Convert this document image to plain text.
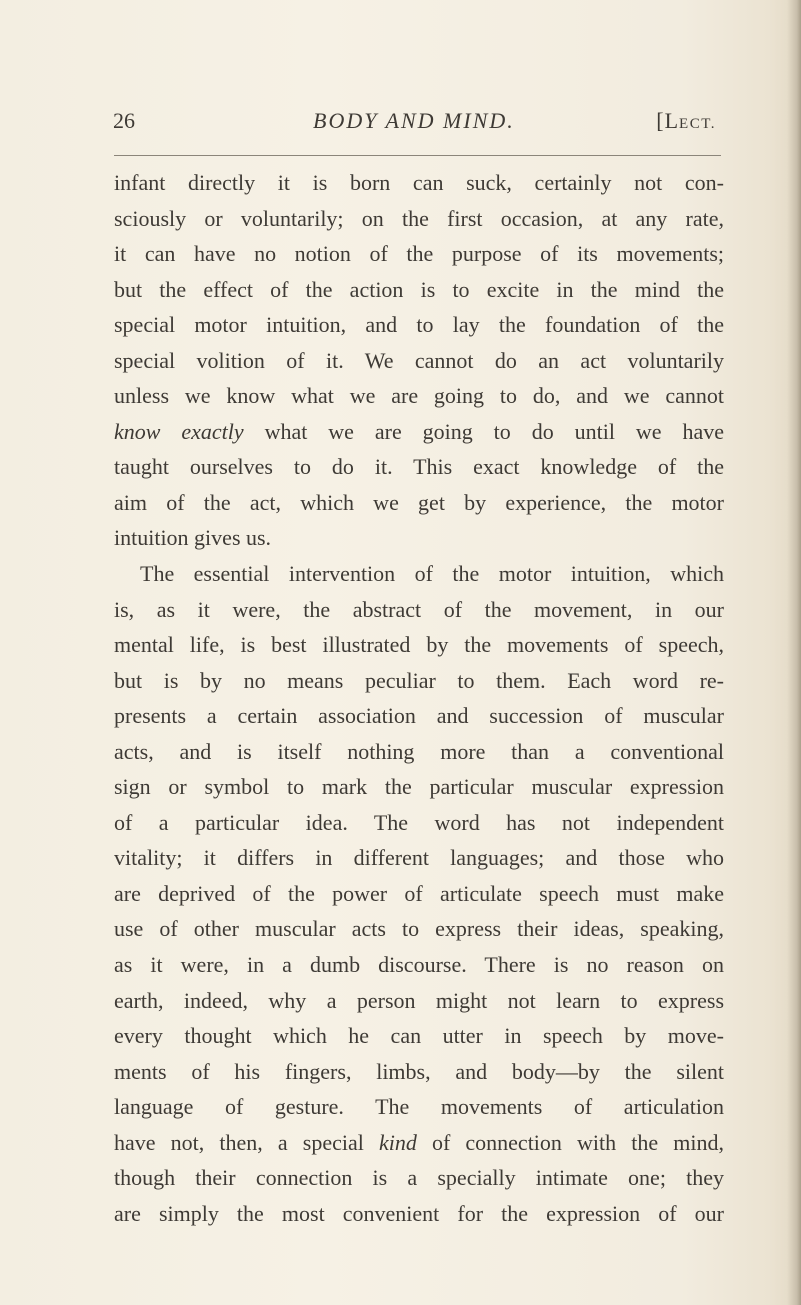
26	BODY AND MIND.	[LECT.
infant directly it is born can suck, certainly not con-
sciously or voluntarily; on the first occasion, at any rate,
it can have no notion of the purpose of its movements;
but the effect of the action is to excite in the mind the
special motor intuition, and to lay the foundation of the
special volition of it. We cannot do an act voluntarily
unless we know what we are going to do, and we cannot
know exactly what we are going to do until we have
taught ourselves to do it. This exact knowledge of the
aim of the act, which we get by experience, the motor
intuition gives us.
The essential intervention of the motor intuition, which
is, as it were, the abstract of the movement, in our
mental life, is best illustrated by the movements of speech,
but is by no means peculiar to them. Each word re-
presents a certain association and succession of muscular
acts, and is itself nothing more than a conventional
sign or symbol to mark the particular muscular expression
of a particular idea. The word has not independent
vitality; it differs in different languages; and those who
are deprived of the power of articulate speech must make
use of other muscular acts to express their ideas, speaking,
as it were, in a dumb discourse. There is no reason on
earth, indeed, why a person might not learn to express
every thought which he can utter in speech by move-
ments of his fingers, limbs, and body—by the silent
language of gesture. The movements of articulation
have not, then, a special kind of connection with the mind,
though their connection is a specially intimate one; they
are simply the most convenient for the expression of our
